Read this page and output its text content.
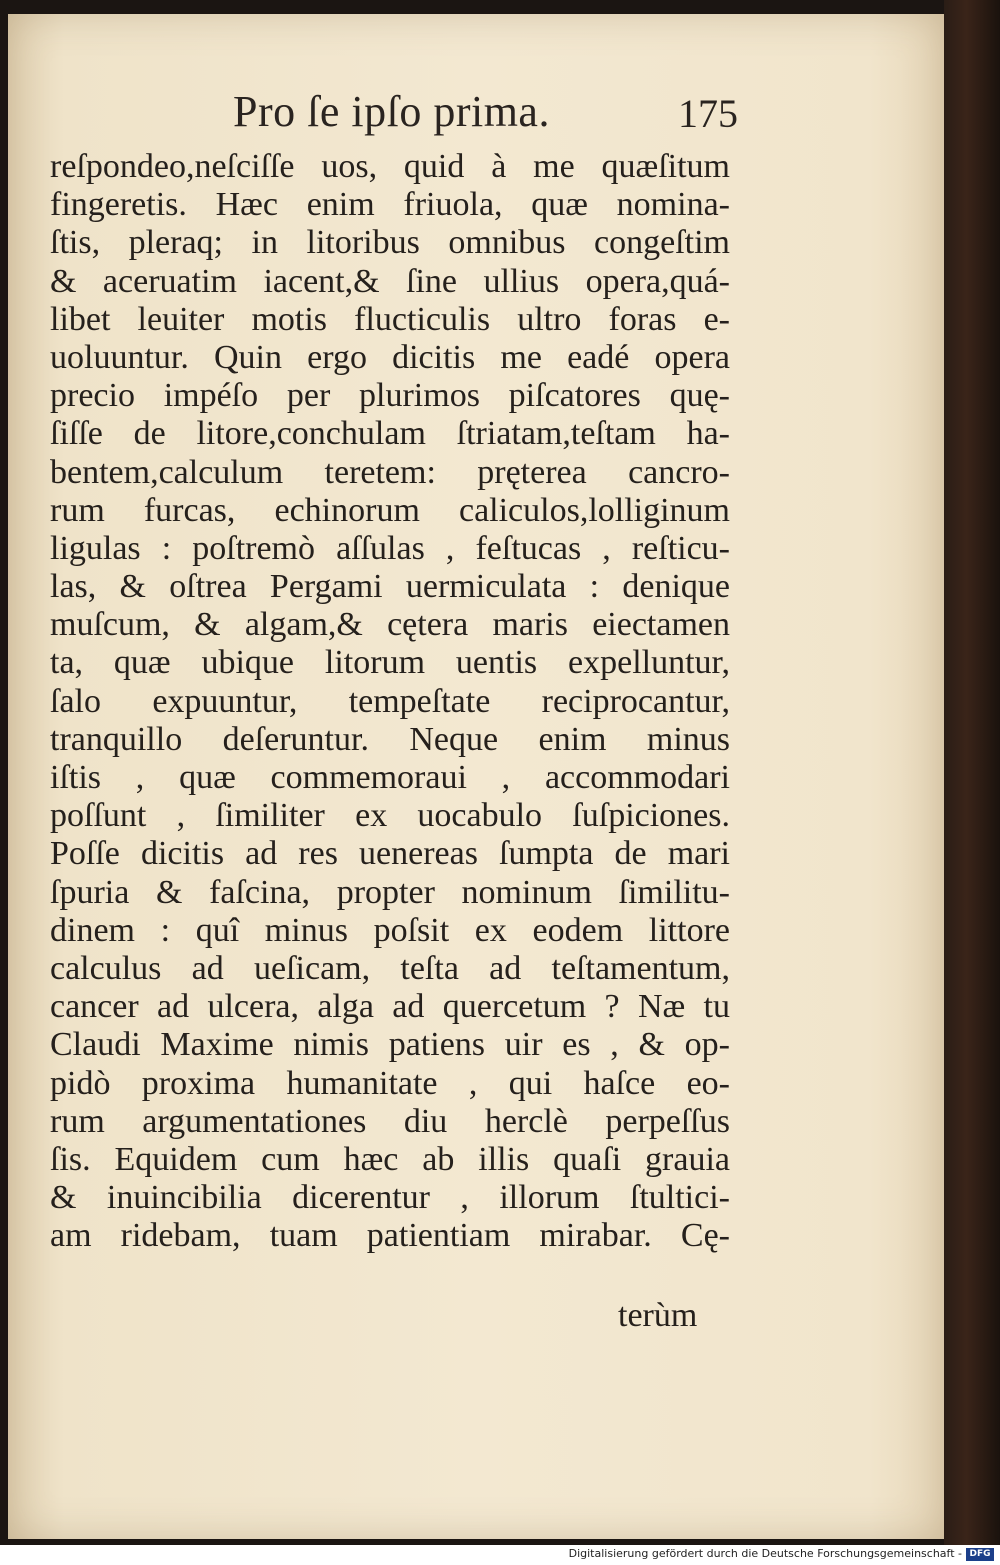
Pro ſe ipſo prima.	175
reſpondeo,neſciſſe uos, quid à me quæſitum
fingeretis. Hæc enim friuola, quæ nomina-
ſtis, pleraq; in litoribus omnibus congeſtim
& aceruatim iacent,& ſine ullius opera,quá-
libet leuiter motis flucticulis ultro foras e-
uoluuntur. Quin ergo dicitis me eadé opera
precio impéſo per plurimos piſcatores quę-
ſiſſe de litore,conchulam ſtriatam,teſtam ha-
bentem,calculum teretem: pręterea cancro-
rum furcas, echinorum caliculos,lolliginum
ligulas : poſtremò aſſulas , feſtucas , reſticu-
las, & oſtrea Pergami uermiculata : denique
muſcum, & algam,& cętera maris eiectamen
ta, quæ ubique litorum uentis expelluntur,
ſalo expuuntur, tempeſtate reciprocantur,
tranquillo deſeruntur. Neque enim minus
iſtis , quæ commemoraui , accommodari
poſſunt , ſimiliter ex uocabulo ſuſpiciones.
Poſſe dicitis ad res uenereas ſumpta de mari
ſpuria & faſcina, propter nominum ſimilitu-
dinem : quî minus poſsit ex eodem littore
calculus ad ueſicam, teſta ad teſtamentum,
cancer ad ulcera, alga ad quercetum ? Næ tu
Claudi Maxime nimis patiens uir es , & op-
pidò proxima humanitate , qui haſce eo-
rum argumentationes diu herclè perpeſſus
ſis. Equidem cum hæc ab illis quaſi grauia
& inuincibilia dicerentur , illorum ſtultici-
am ridebam, tuam patientiam mirabar. Cę-
terùm
Digitalisierung gefördert durch die Deutsche Forschungsgemeinschaft - DFG
